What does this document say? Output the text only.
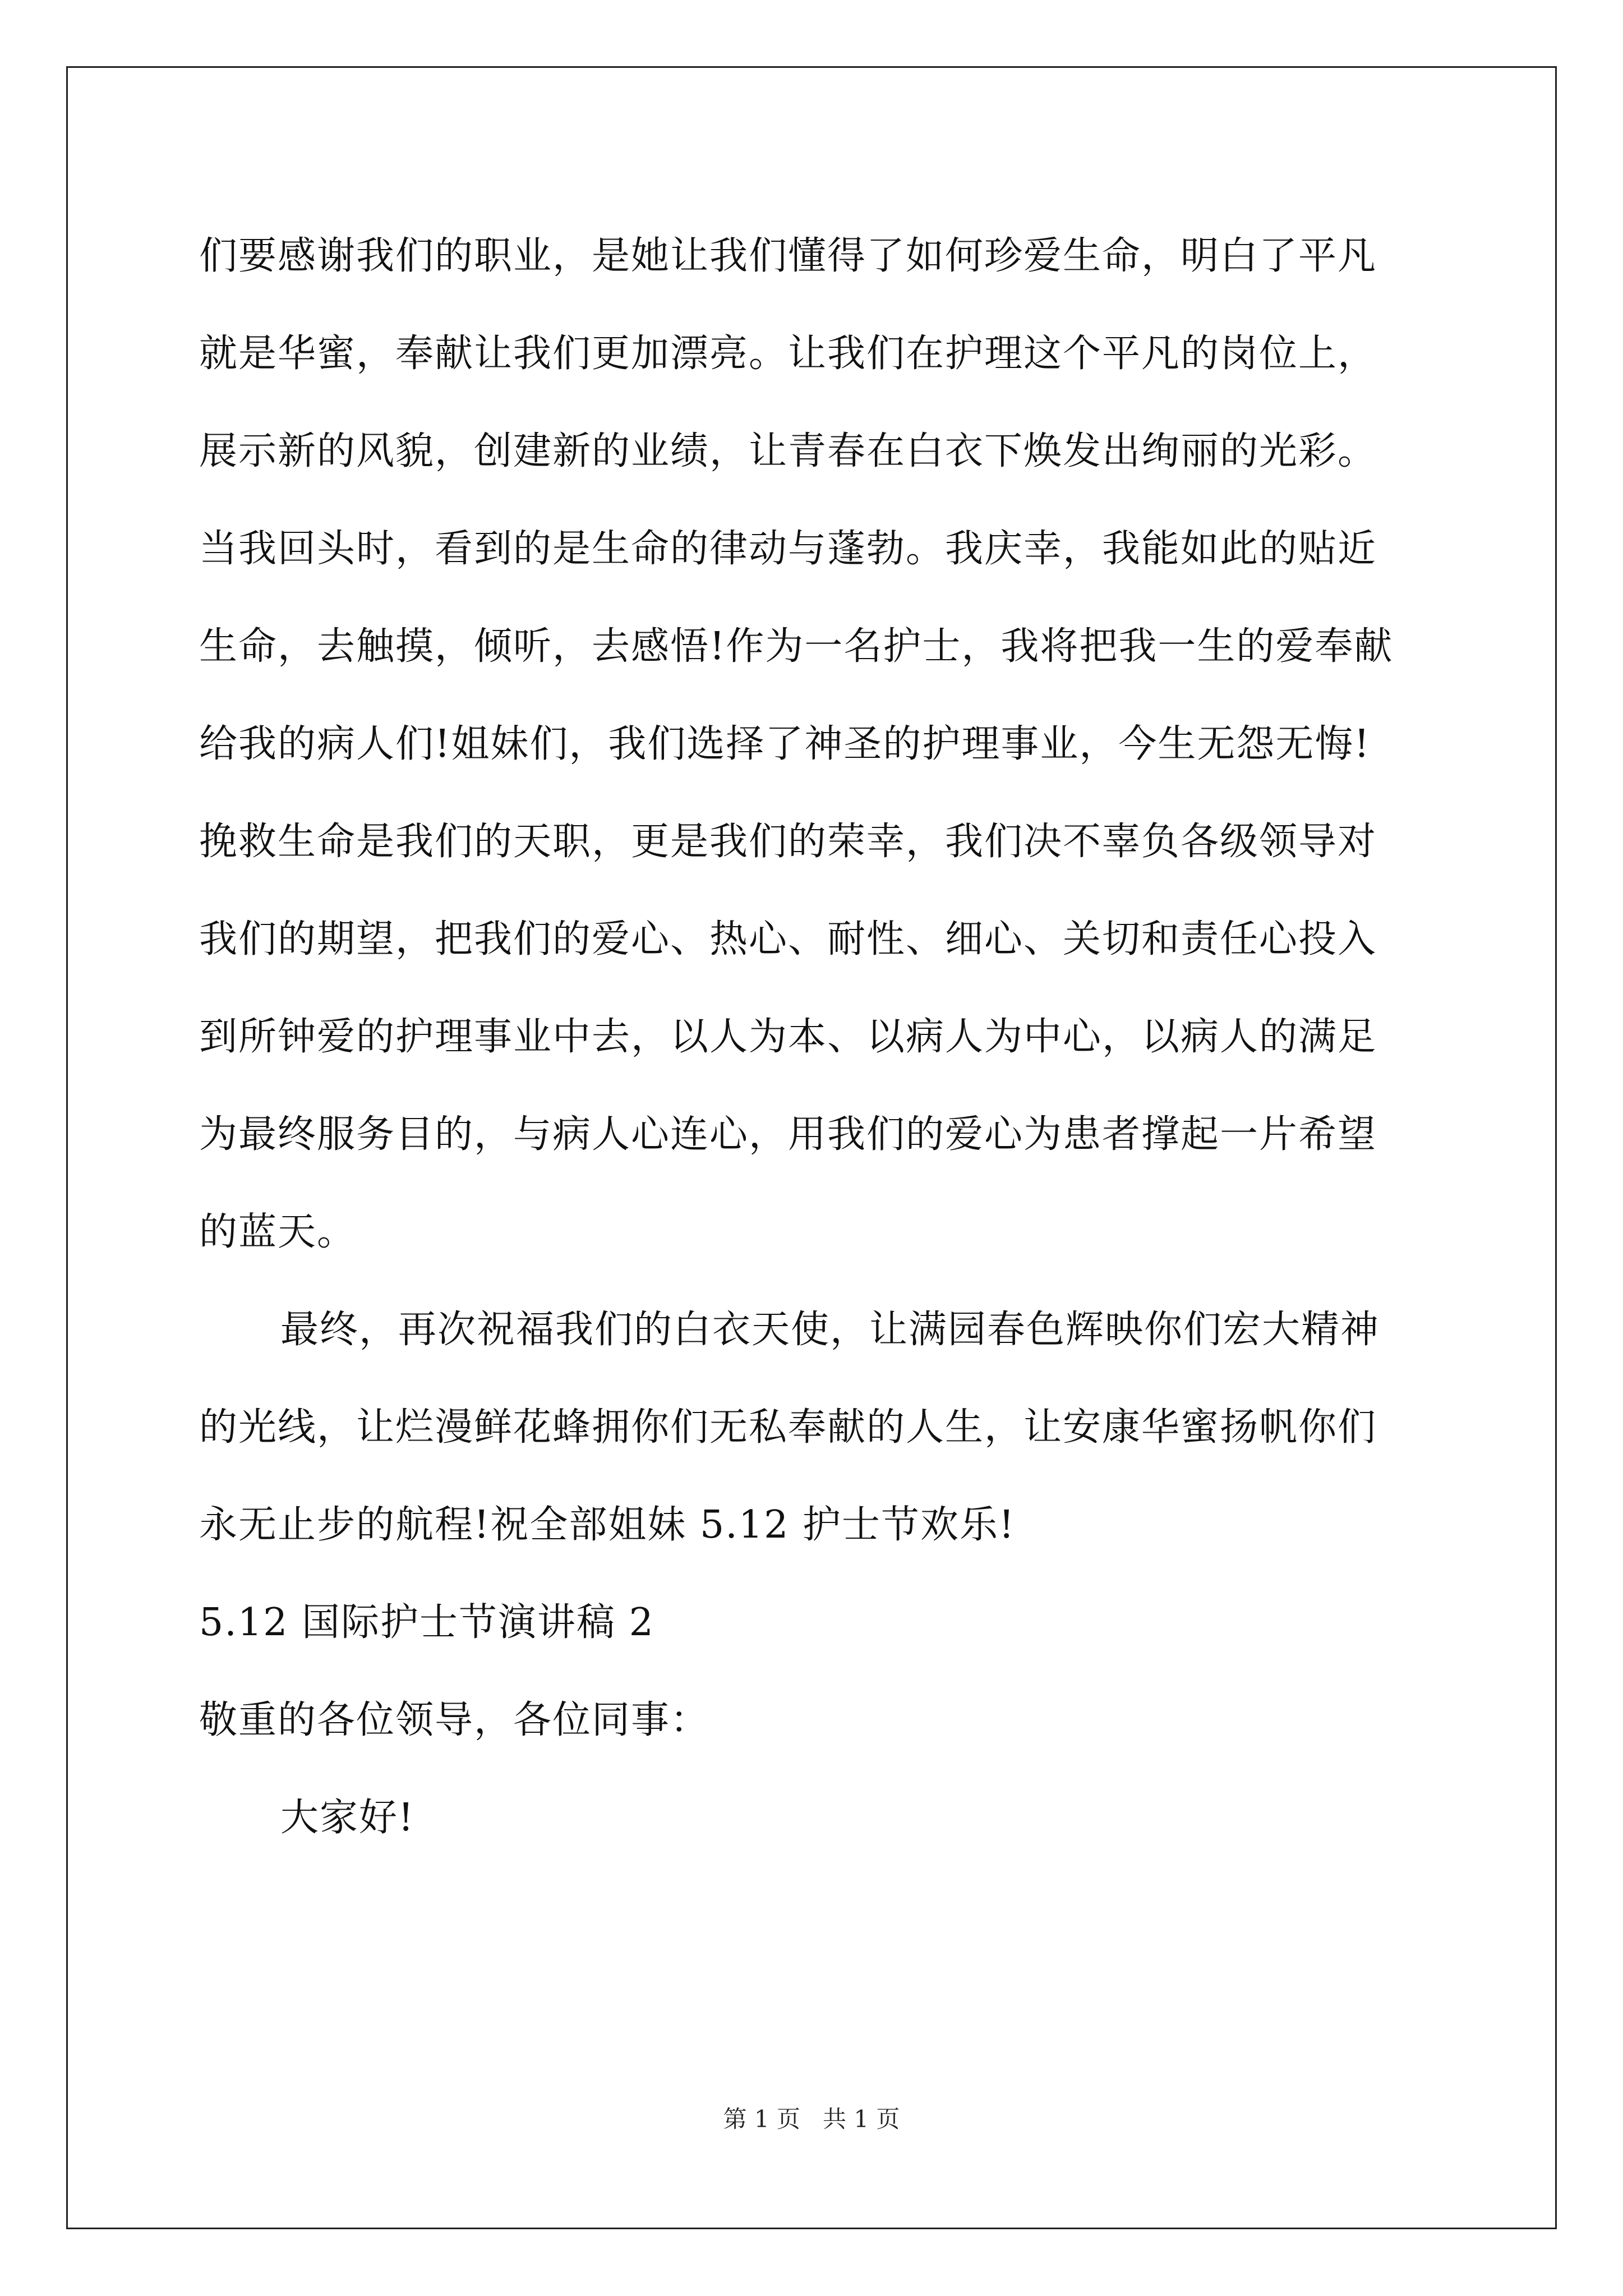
们要感谢我们的职业，是她让我们懂得了如何珍爱生命，明白了平凡
就是华蜜，奉献让我们更加漂亮。让我们在护理这个平凡的岗位上，
展示新的风貌，创建新的业绩，让青春在白衣下焕发出绚丽的光彩。
当我回头时，看到的是生命的律动与蓬勃。我庆幸，我能如此的贴近
生命，去触摸，倾听，去感悟!作为一名护士，我将把我一生的爱奉献
给我的病人们!姐妹们，我们选择了神圣的护理事业，今生无怨无悔!
挽救生命是我们的天职，更是我们的荣幸，我们决不辜负各级领导对
我们的期望，把我们的爱心、热心、耐性、细心、关切和责任心投入
到所钟爱的护理事业中去，以人为本、以病人为中心，以病人的满足
为最终服务目的，与病人心连心，用我们的爱心为患者撑起一片希望
的蓝天。
最终，再次祝福我们的白衣天使，让满园春色辉映你们宏大精神
的光线，让烂漫鲜花蜂拥你们无私奉献的人生，让安康华蜜扬帆你们
永无止步的航程!祝全部姐妹 5.12 护士节欢乐!
5.12 国际护士节演讲稿 2
敬重的各位领导，各位同事：
大家好!
第 1 页 共 1 页
